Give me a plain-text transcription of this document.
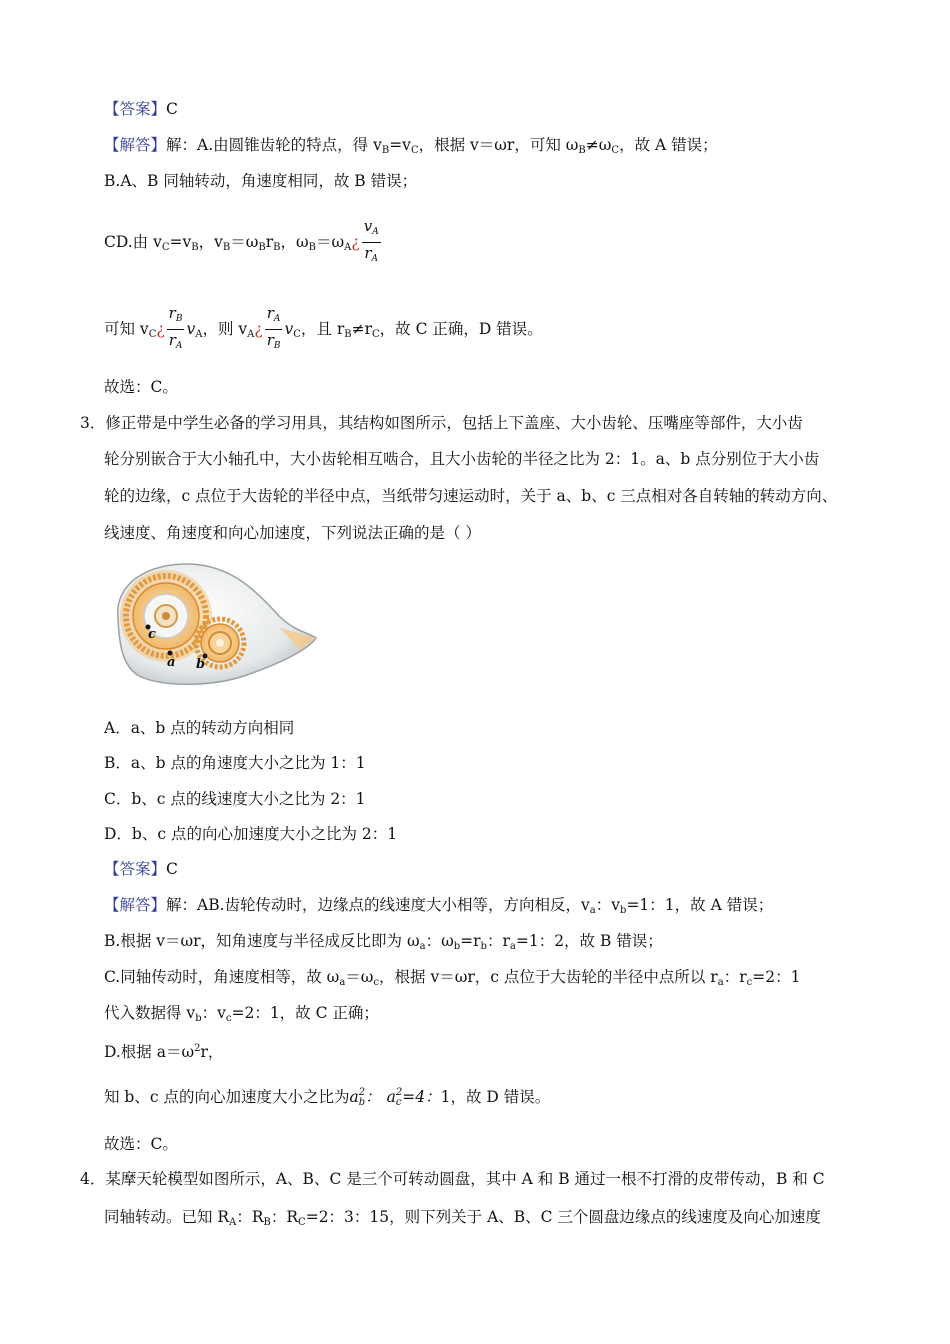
【答案】C
【解答】解：A.由圆锥齿轮的特点，得 $v_B=v_C$，根据 v＝ωr，可知 $\omega_B\ne\omega_C$，故 A 错误；
B.A、B 同轴转动，角速度相同，故 B 错误；
CD.由 $v_C=v_B$，$v_B=\omega_Br_B$，$\omega_B=\omega_A¿ \frac{v_A}{r_A}$
可知 $v_C¿ \frac{r_B}{r_A} v_A$，则 $v_A¿ \frac{r_A}{r_B} v_C$，且 $r_B\ne r_C$，故 C 正确，D 错误。
故选：C。
3．修正带是中学生必备的学习用具，其结构如图所示，包括上下盖座、大小齿轮、压嘴座等部件，大小齿
轮分别嵌合于大小轴孔中，大小齿轮相互啮合，且大小齿轮的半径之比为 2：1。a、b 点分别位于大小齿
轮的边缘，c 点位于大齿轮的半径中点，当纸带匀速运动时，关于 a、b、c 三点相对各自转轴的转动方向、
线速度、角速度和向心加速度，下列说法正确的是（ ）
c
a b
A．a、b 点的转动方向相同
B．a、b 点的角速度大小之比为 1：1
C．b、c 点的线速度大小之比为 2：1
D．b、c 点的向心加速度大小之比为 2：1
【答案】C
【解答】解：AB.齿轮传动时，边缘点的线速度大小相等，方向相反，$v_a$：$v_b=1$：1，故 A 错误；
B.根据 v＝ωr，知角速度与半径成反比即为 $\omega_a$：$\omega_b=r_b$：$r_a=1$：2，故 B 错误；
C.同轴传动时，角速度相等，故 $\omega_a=\omega_c$，根据 v＝ωr，c 点位于大齿轮的半径中点所以 $r_a$：$r_c=2$：1
代入数据得 $v_b$：$v_c=2$：1，故 C 正确；
D.根据 $a=\omega^2r$，
知 b、c 点的向心加速度大小之比为a 2
b ： a 2
c =4：1，故 D 错误。
故选：C。
4．某摩天轮模型如图所示，A、B、C 是三个可转动圆盘，其中 A 和 B 通过一根不打滑的皮带传动，B 和 C
同轴转动。已知 $R_A$：$R_B$：$R_C=2$：3：15，则下列关于 A、B、C 三个圆盘边缘点的线速度及向心加速度
